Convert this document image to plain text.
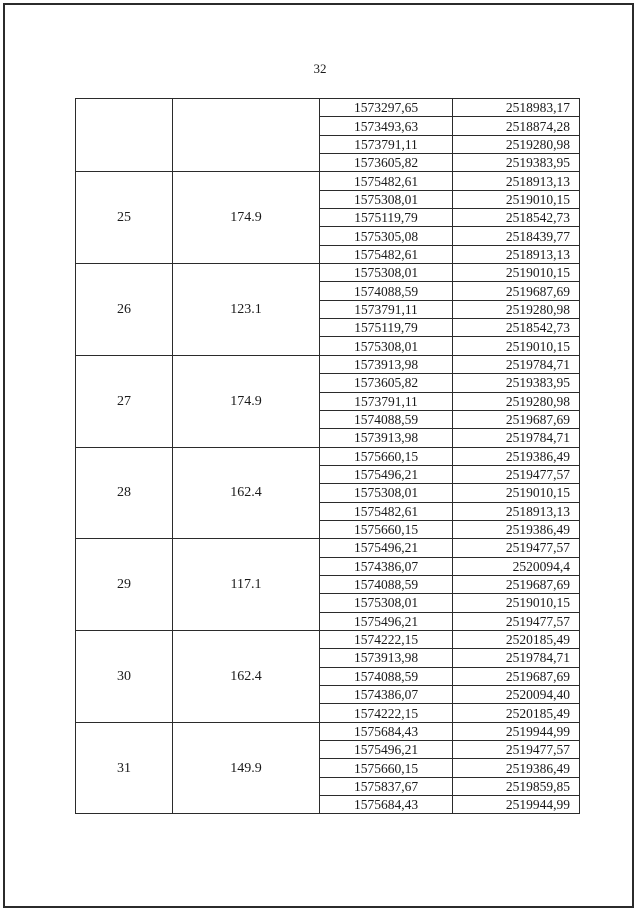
32
		1573297,65	2518983,17
		1573493,63	2518874,28
		1573791,11	2519280,98
		1573605,82	2519383,95
25	174.9	1575482,61	2518913,13
		1575308,01	2519010,15
		1575119,79	2518542,73
		1575305,08	2518439,77
		1575482,61	2518913,13
26	123.1	1575308,01	2519010,15
		1574088,59	2519687,69
		1573791,11	2519280,98
		1575119,79	2518542,73
		1575308,01	2519010,15
27	174.9	1573913,98	2519784,71
		1573605,82	2519383,95
		1573791,11	2519280,98
		1574088,59	2519687,69
		1573913,98	2519784,71
28	162.4	1575660,15	2519386,49
		1575496,21	2519477,57
		1575308,01	2519010,15
		1575482,61	2518913,13
		1575660,15	2519386,49
29	117.1	1575496,21	2519477,57
		1574386,07	2520094,4
		1574088,59	2519687,69
		1575308,01	2519010,15
		1575496,21	2519477,57
30	162.4	1574222,15	2520185,49
		1573913,98	2519784,71
		1574088,59	2519687,69
		1574386,07	2520094,40
		1574222,15	2520185,49
31	149.9	1575684,43	2519944,99
		1575496,21	2519477,57
		1575660,15	2519386,49
		1575837,67	2519859,85
		1575684,43	2519944,99
